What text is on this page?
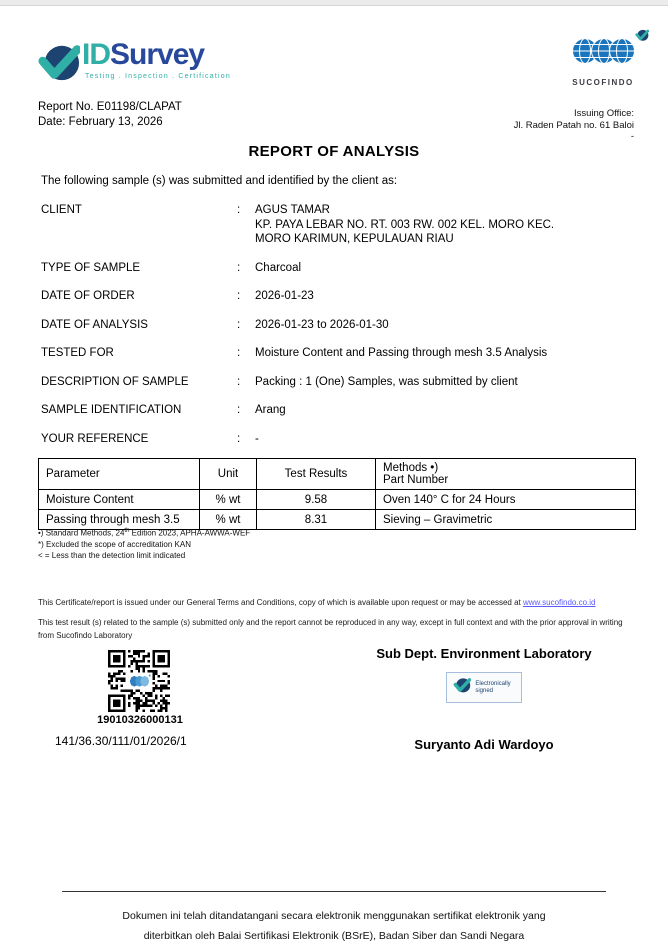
IDSurvey
Testing . Inspection . Certification
SUCOFINDO
Report No. E01198/CLAPAT
Date: February 13, 2026
Issuing Office:
Jl. Raden Patah no. 61 Baloi
-
REPORT OF ANALYSIS
The following sample (s) was submitted and identified by the client as:
CLIENT	:	AGUS TAMAR
KP. PAYA LEBAR NO. RT. 003 RW. 002 KEL. MORO KEC.
MORO KARIMUN, KEPULAUAN RIAU
TYPE OF SAMPLE	:	Charcoal
DATE OF ORDER	:	2026-01-23
DATE OF ANALYSIS	:	2026-01-23 to 2026-01-30
TESTED FOR	:	Moisture Content and Passing through mesh 3.5 Analysis
DESCRIPTION OF SAMPLE	:	Packing : 1 (One) Samples, was submitted by client
SAMPLE IDENTIFICATION	:	Arang
YOUR REFERENCE	:	-
Parameter	Unit	Test Results	Methods •)
Part Number

Moisture Content	% wt	9.58	Oven 140° C for 24 Hours
Passing through mesh 3.5	% wt	8.31	Sieving – Gravimetric
•) Standard Methods, 24th Edition 2023, APHA-AWWA-WEF
*) Excluded the scope of accreditation KAN
< = Less than the detection limit indicated

This Certificate/report is issued under our General Terms and Conditions, copy of which is available upon request or may be accessed at www.sucofindo.co.id

This test result (s) related to the sample (s) submitted only and the report cannot be reproduced in any way, except in full context and with the prior approval in writing from Sucofindo Laboratory

19010326000131
141/36.30/111/01/2026/1
Sub Dept. Environment Laboratory
Electronically
signed
Suryanto Adi Wardoyo
Dokumen ini telah ditandatangani secara elektronik menggunakan sertifikat elektronik yang
diterbitkan oleh Balai Sertifikasi Elektronik (BSrE), Badan Siber dan Sandi Negara
